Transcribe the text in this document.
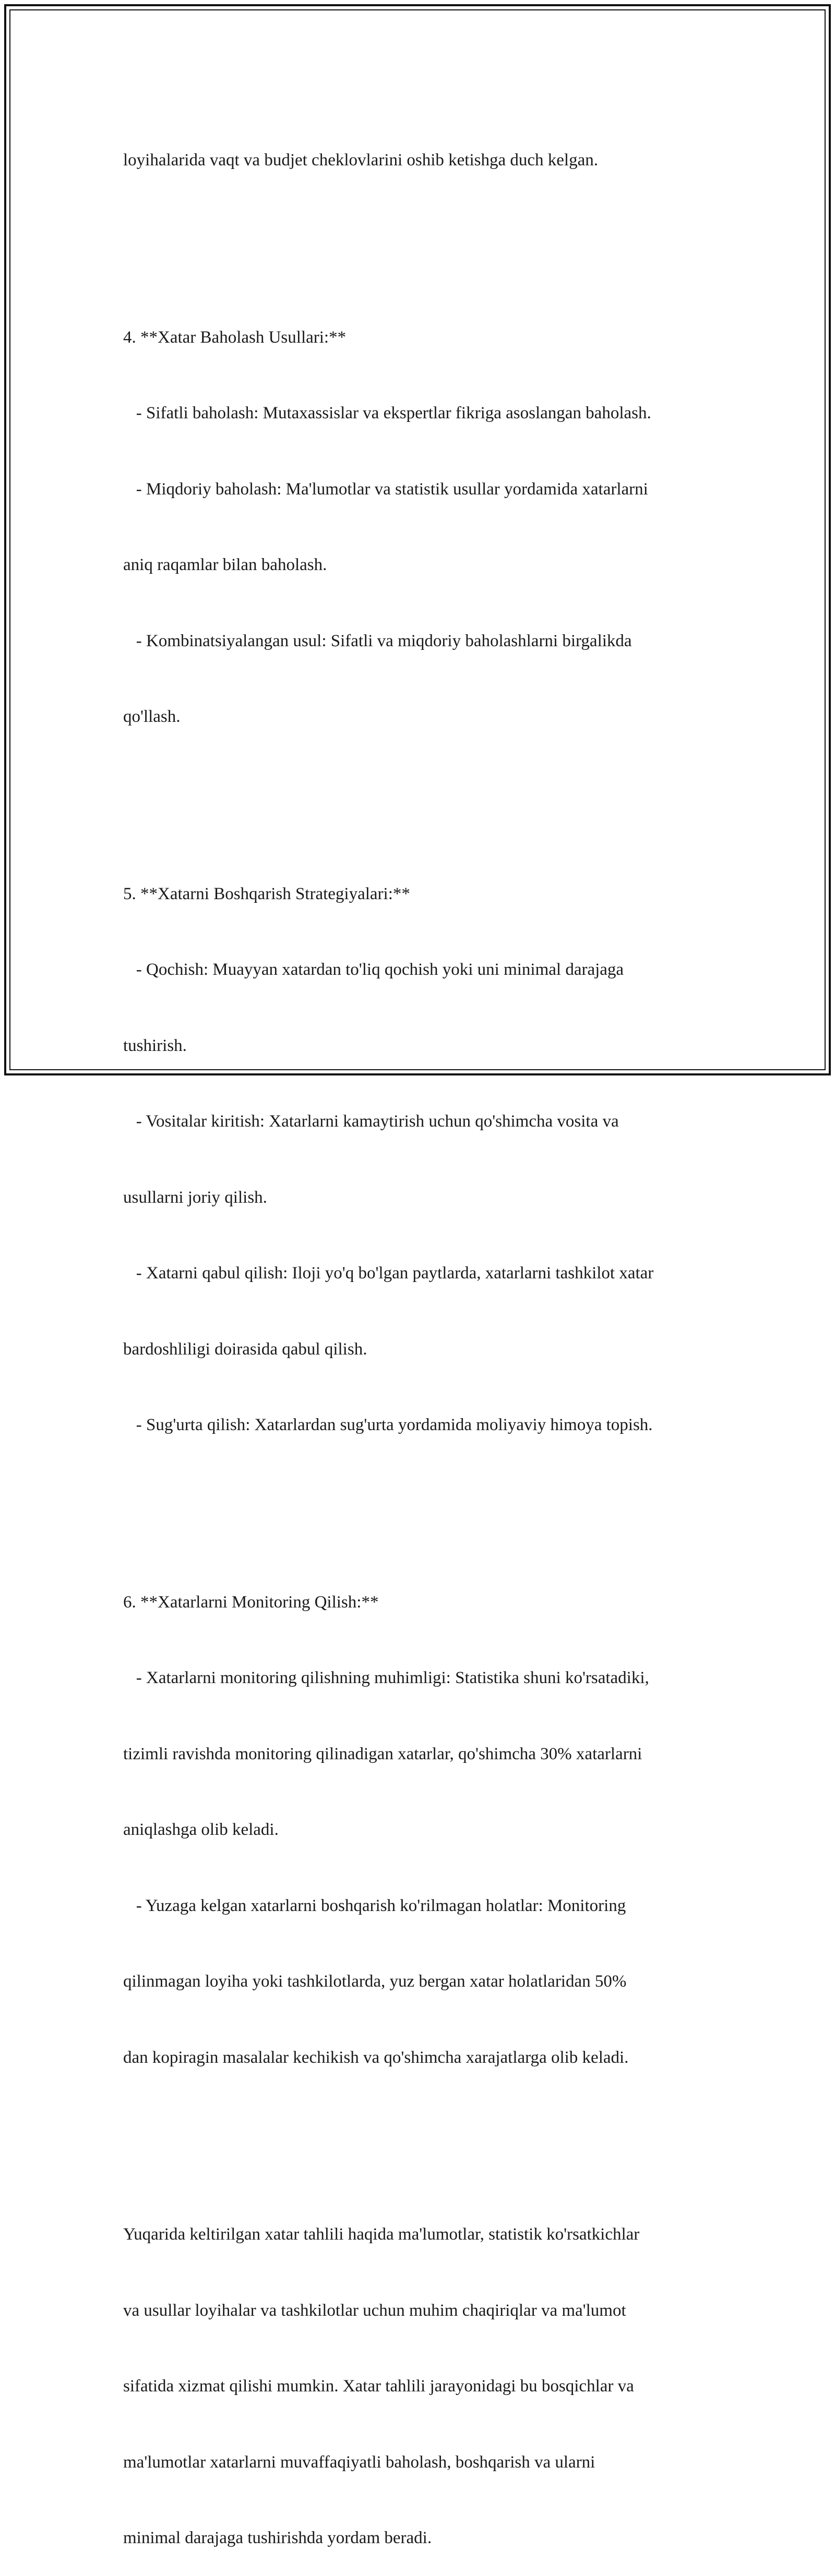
loyihalarida vaqt va budjet cheklovlarini oshib ketishga duch kelgan.

4. **Xatar Baholash Usullari:**

- Sifatli baholash: Mutaxassislar va ekspertlar fikriga asoslangan baholash.

- Miqdoriy baholash: Ma'lumotlar va statistik usullar yordamida xatarlarni

aniq raqamlar bilan baholash.

- Kombinatsiyalangan usul: Sifatli va miqdoriy baholashlarni birgalikda

qo'llash.

5. **Xatarni Boshqarish Strategiyalari:**

- Qochish: Muayyan xatardan to'liq qochish yoki uni minimal darajaga

tushirish.

- Vositalar kiritish: Xatarlarni kamaytirish uchun qo'shimcha vosita va

usullarni joriy qilish.

- Xatarni qabul qilish: Iloji yo'q bo'lgan paytlarda, xatarlarni tashkilot xatar

bardoshliligi doirasida qabul qilish.

- Sug'urta qilish: Xatarlardan sug'urta yordamida moliyaviy himoya topish.

6. **Xatarlarni Monitoring Qilish:**

- Xatarlarni monitoring qilishning muhimligi: Statistika shuni ko'rsatadiki,

tizimli ravishda monitoring qilinadigan xatarlar, qo'shimcha 30% xatarlarni

aniqlashga olib keladi.

- Yuzaga kelgan xatarlarni boshqarish ko'rilmagan holatlar: Monitoring

qilinmagan loyiha yoki tashkilotlarda, yuz bergan xatar holatlaridan 50%

dan kopiragin masalalar kechikish va qo'shimcha xarajatlarga olib keladi.

Yuqarida keltirilgan xatar tahlili haqida ma'lumotlar, statistik ko'rsatkichlar

va usullar loyihalar va tashkilotlar uchun muhim chaqiriqlar va ma'lumot

sifatida xizmat qilishi mumkin. Xatar tahlili jarayonidagi bu bosqichlar va

ma'lumotlar xatarlarni muvaffaqiyatli baholash, boshqarish va ularni

minimal darajaga tushirishda yordam beradi.
